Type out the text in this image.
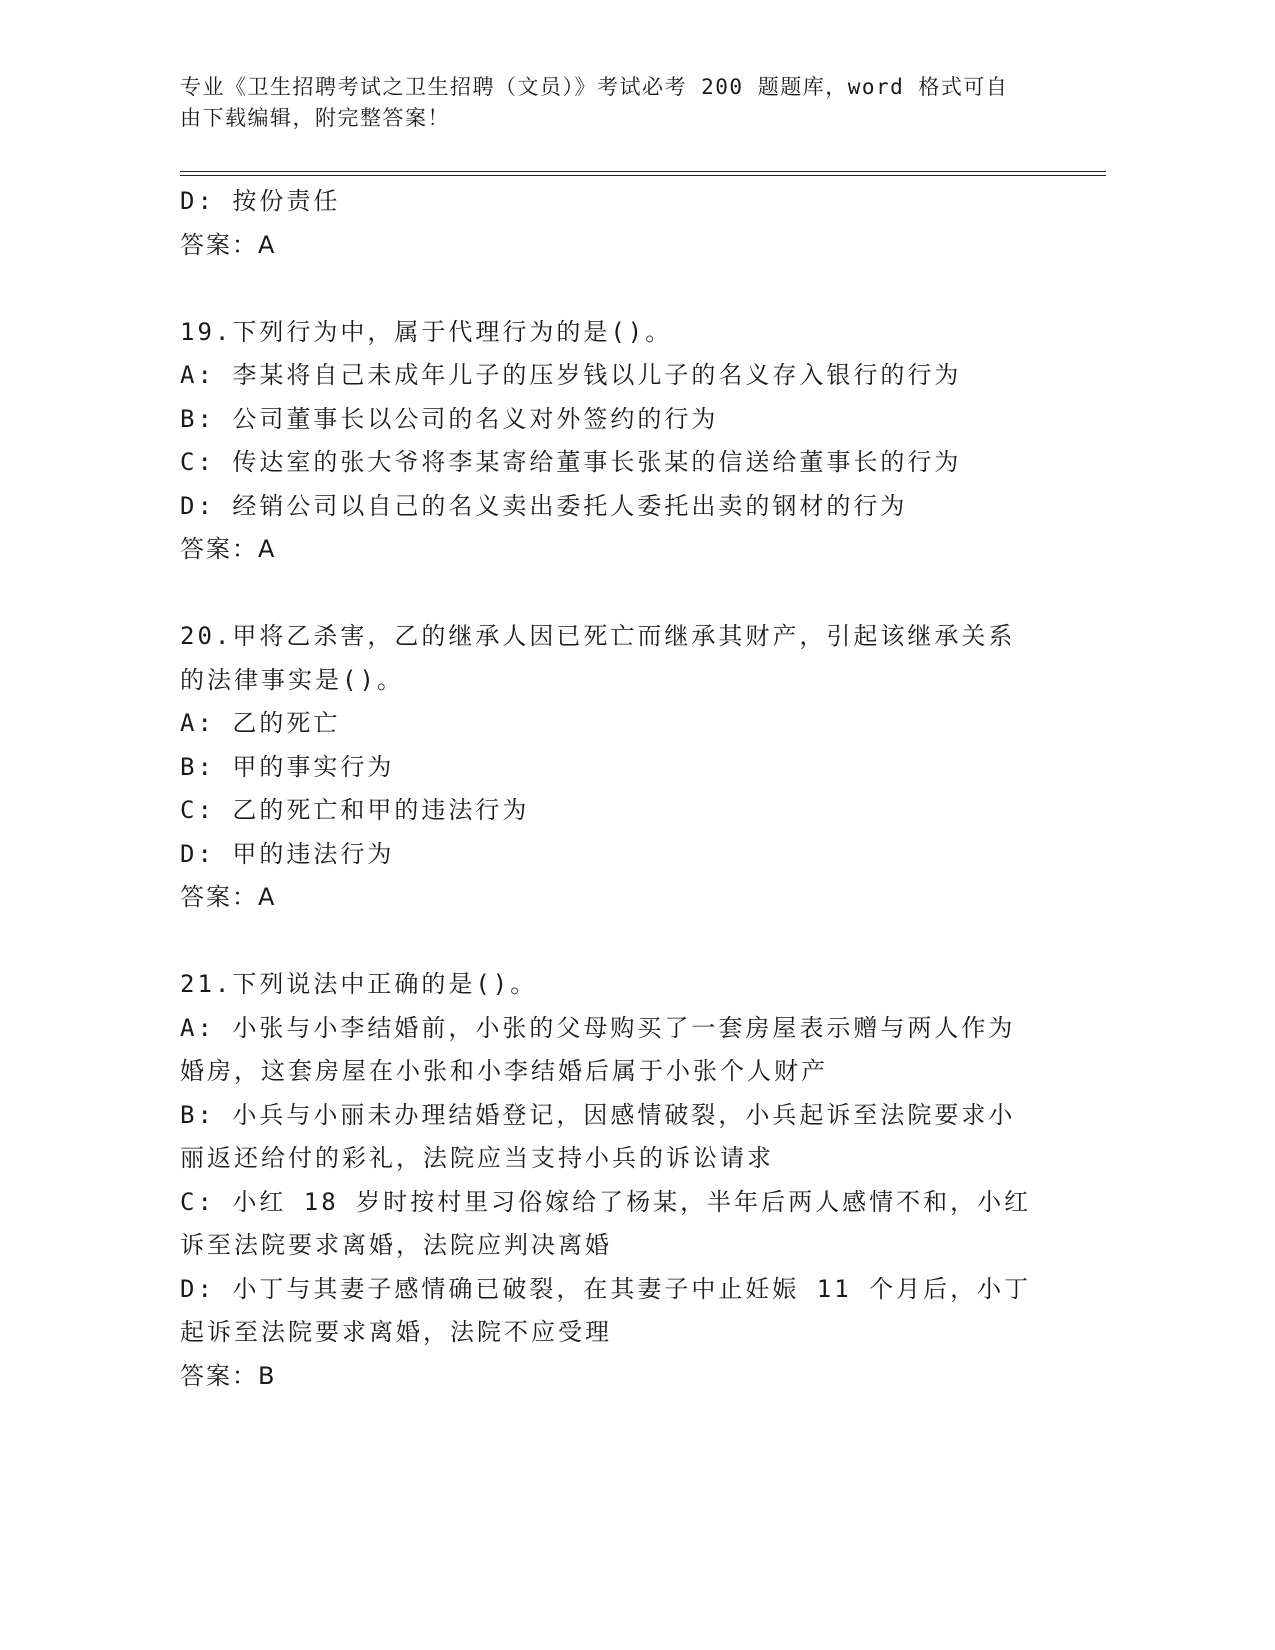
专业《卫生招聘考试之卫生招聘（文员）》考试必考 200 题题库，word 格式可自
由下载编辑，附完整答案！
D: 按份责任
答案：A
19.下列行为中，属于代理行为的是()。
A: 李某将自己未成年儿子的压岁钱以儿子的名义存入银行的行为
B: 公司董事长以公司的名义对外签约的行为
C: 传达室的张大爷将李某寄给董事长张某的信送给董事长的行为
D: 经销公司以自己的名义卖出委托人委托出卖的钢材的行为
答案：A
20.甲将乙杀害，乙的继承人因已死亡而继承其财产，引起该继承关系
的法律事实是()。
A: 乙的死亡
B: 甲的事实行为
C: 乙的死亡和甲的违法行为
D: 甲的违法行为
答案：A
21.下列说法中正确的是()。
A: 小张与小李结婚前，小张的父母购买了一套房屋表示赠与两人作为
婚房，这套房屋在小张和小李结婚后属于小张个人财产
B: 小兵与小丽未办理结婚登记，因感情破裂，小兵起诉至法院要求小
丽返还给付的彩礼，法院应当支持小兵的诉讼请求
C: 小红 18 岁时按村里习俗嫁给了杨某，半年后两人感情不和，小红
诉至法院要求离婚，法院应判决离婚
D: 小丁与其妻子感情确已破裂，在其妻子中止妊娠 11 个月后，小丁
起诉至法院要求离婚，法院不应受理
答案：B
